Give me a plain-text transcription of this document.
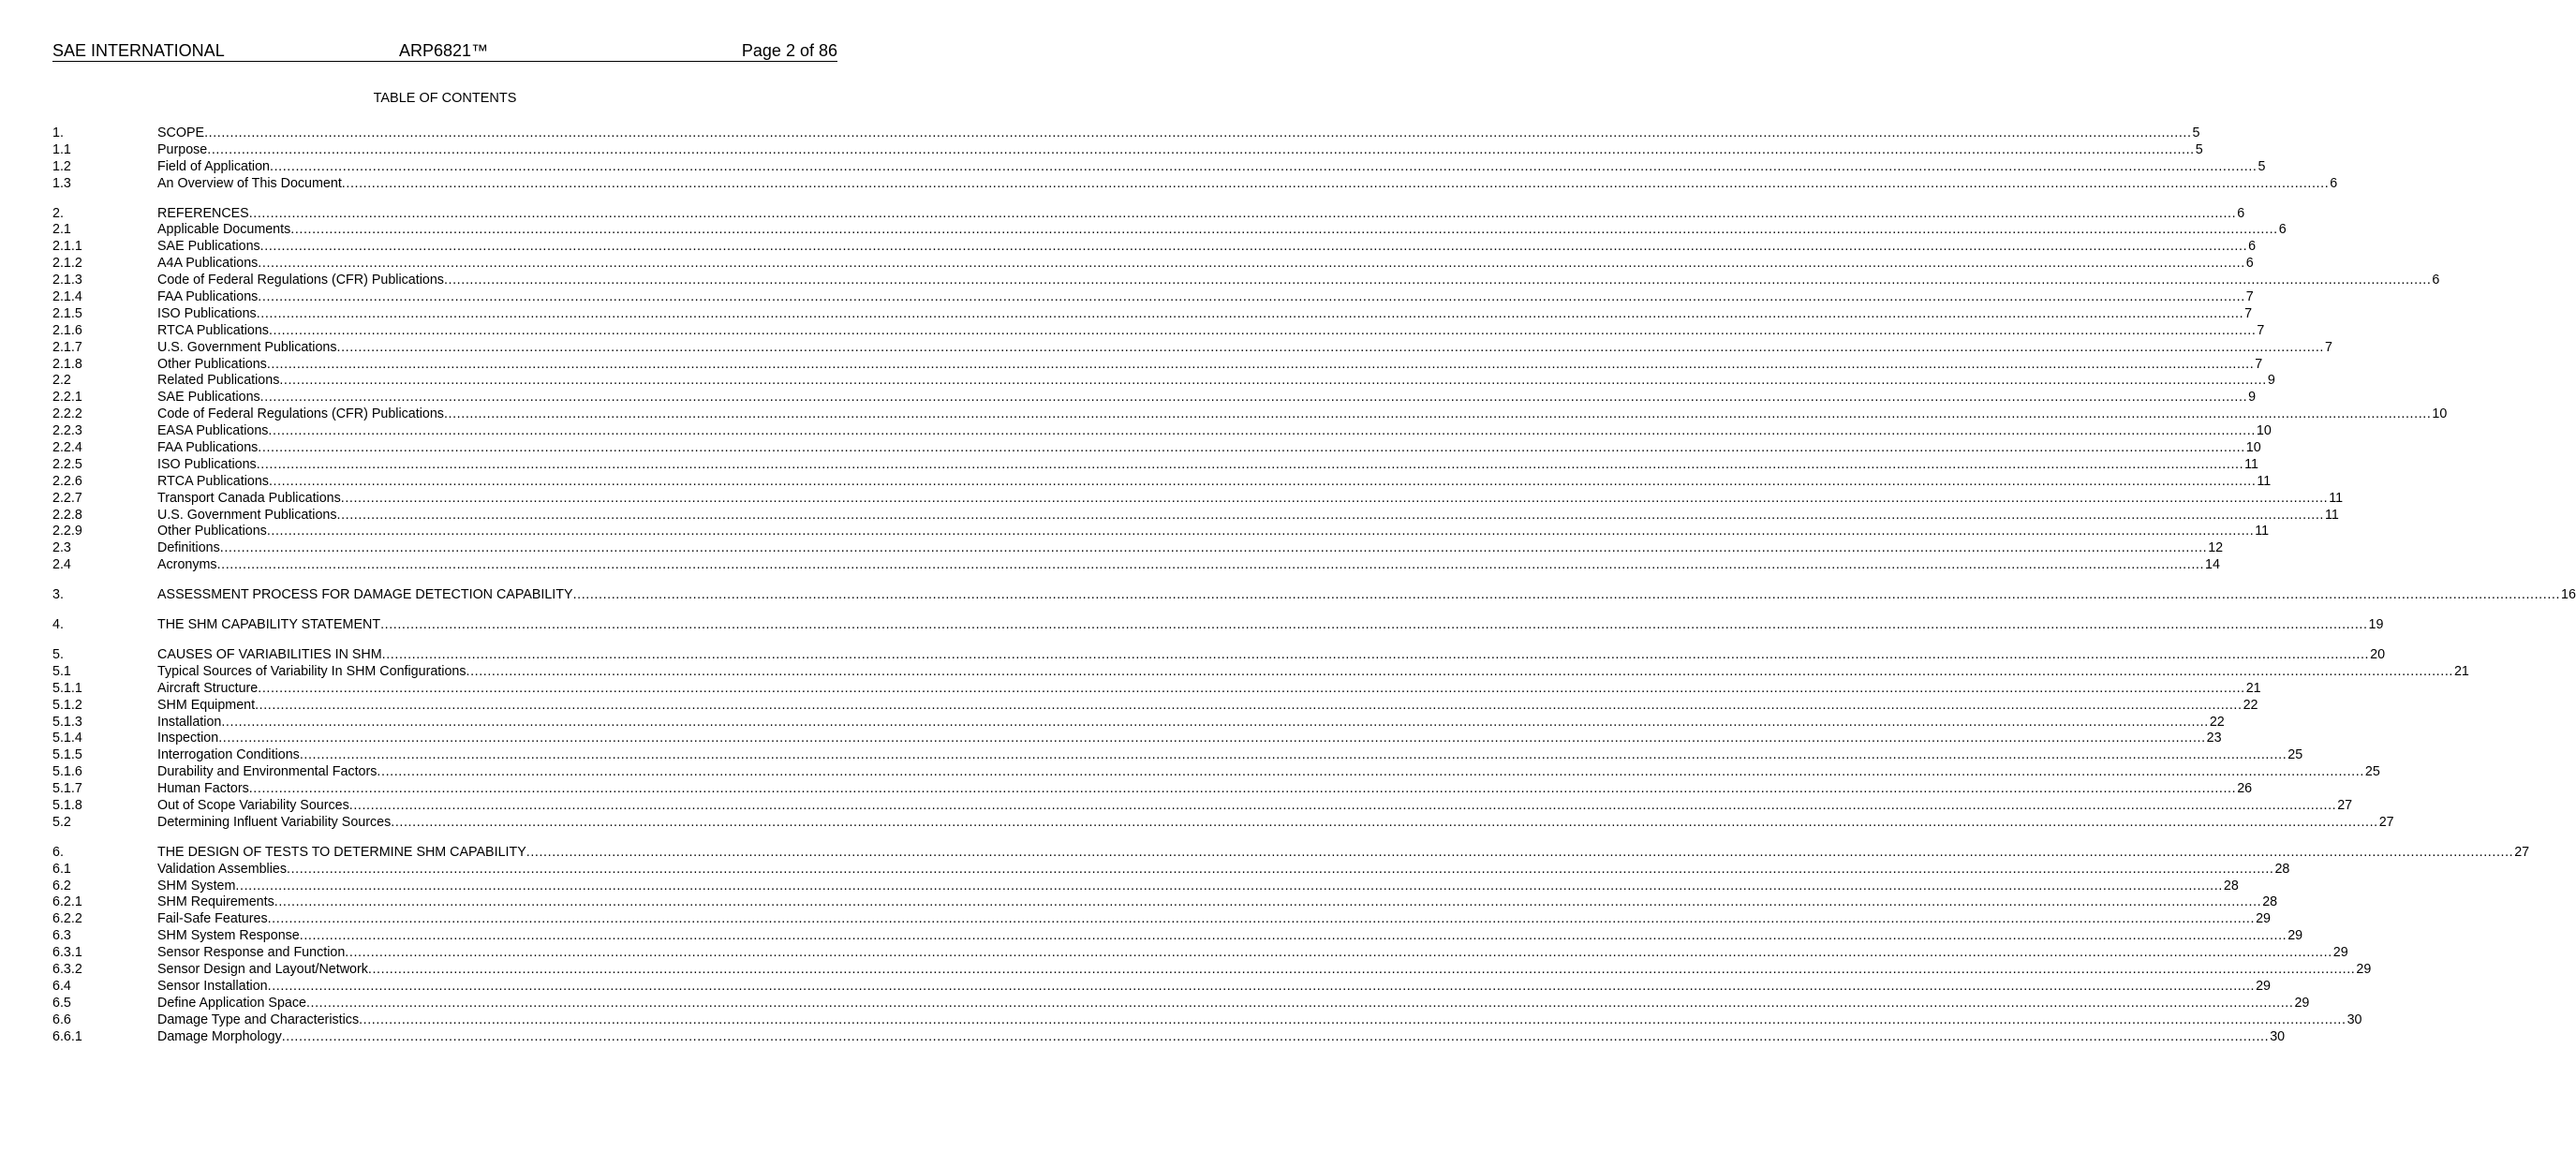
SAE INTERNATIONAL	ARP6821™	Page 2 of 86
TABLE OF CONTENTS
1.	SCOPE .....	5
1.1	Purpose .....	5
1.2	Field of Application .....	5
1.3	An Overview of This Document .....	6
2.	REFERENCES .....	6
2.1	Applicable Documents .....	6
2.1.1	SAE Publications .....	6
2.1.2	A4A Publications .....	6
2.1.3	Code of Federal Regulations (CFR) Publications .....	6
2.1.4	FAA Publications .....	7
2.1.5	ISO Publications .....	7
2.1.6	RTCA Publications .....	7
2.1.7	U.S. Government Publications .....	7
2.1.8	Other Publications .....	7
2.2	Related Publications .....	9
2.2.1	SAE Publications .....	9
2.2.2	Code of Federal Regulations (CFR) Publications .....	10
2.2.3	EASA Publications .....	10
2.2.4	FAA Publications .....	10
2.2.5	ISO Publications .....	11
2.2.6	RTCA Publications .....	11
2.2.7	Transport Canada Publications .....	11
2.2.8	U.S. Government Publications .....	11
2.2.9	Other Publications .....	11
2.3	Definitions .....	12
2.4	Acronyms .....	14
3.	ASSESSMENT PROCESS FOR DAMAGE DETECTION CAPABILITY .....	16
4.	THE SHM CAPABILITY STATEMENT .....	19
5.	CAUSES OF VARIABILITIES IN SHM .....	20
5.1	Typical Sources of Variability In SHM Configurations .....	21
5.1.1	Aircraft Structure .....	21
5.1.2	SHM Equipment .....	22
5.1.3	Installation .....	22
5.1.4	Inspection .....	23
5.1.5	Interrogation Conditions .....	25
5.1.6	Durability and Environmental Factors .....	25
5.1.7	Human Factors .....	26
5.1.8	Out of Scope Variability Sources .....	27
5.2	Determining Influent Variability Sources .....	27
6.	THE DESIGN OF TESTS TO DETERMINE SHM CAPABILITY .....	27
6.1	Validation Assemblies .....	28
6.2	SHM System .....	28
6.2.1	SHM Requirements .....	28
6.2.2	Fail-Safe Features .....	29
6.3	SHM System Response .....	29
6.3.1	Sensor Response and Function .....	29
6.3.2	Sensor Design and Layout/Network .....	29
6.4	Sensor Installation .....	29
6.5	Define Application Space .....	29
6.6	Damage Type and Characteristics .....	30
6.6.1	Damage Morphology .....	30
